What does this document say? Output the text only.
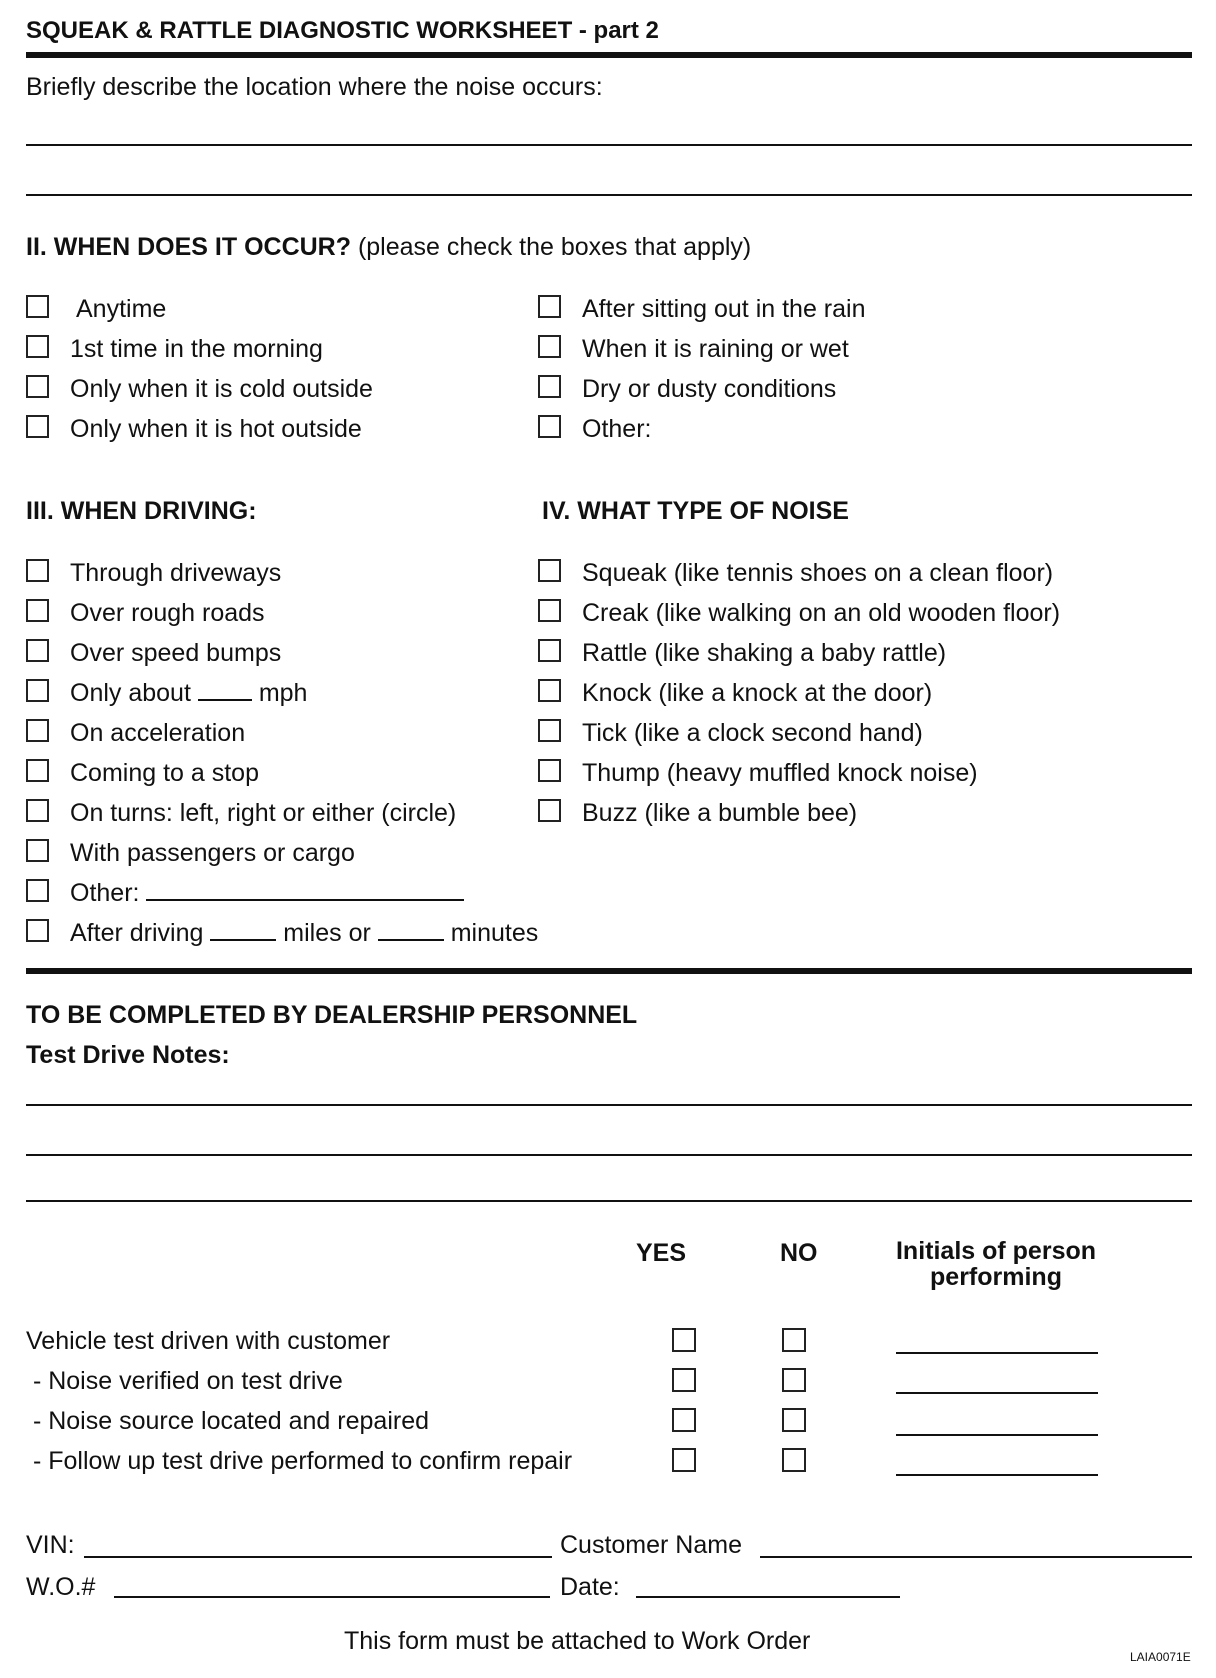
SQUEAK & RATTLE DIAGNOSTIC WORKSHEET - part 2
Briefly describe the location where the noise occurs:
II. WHEN DOES IT OCCUR? (please check the boxes that apply)
Anytime
1st time in the morning
Only when it is cold outside
Only when it is hot outside
After sitting out in the rain
When it is raining or wet
Dry or dusty conditions
Other:
III. WHEN DRIVING:	IV. WHAT TYPE OF NOISE
Through driveways
Over rough roads
Over speed bumps
Only about	mph
On acceleration
Coming to a stop
On turns: left, right or either (circle)
With passengers or cargo
Other:
After driving	miles or	minutes
Squeak (like tennis shoes on a clean floor)
Creak (like walking on an old wooden floor)
Rattle (like shaking a baby rattle)
Knock (like a knock at the door)
Tick (like a clock second hand)
Thump (heavy muffled knock noise)
Buzz (like a bumble bee)
TO BE COMPLETED BY DEALERSHIP PERSONNEL
Test Drive Notes:
YES	NO	Initials of person
performing
Vehicle test driven with customer
- Noise verified on test drive
- Noise source located and repaired
- Follow up test drive performed to confirm repair
VIN:	Customer Name
W.O.#	Date:
This form must be attached to Work Order
LAIA0071E
